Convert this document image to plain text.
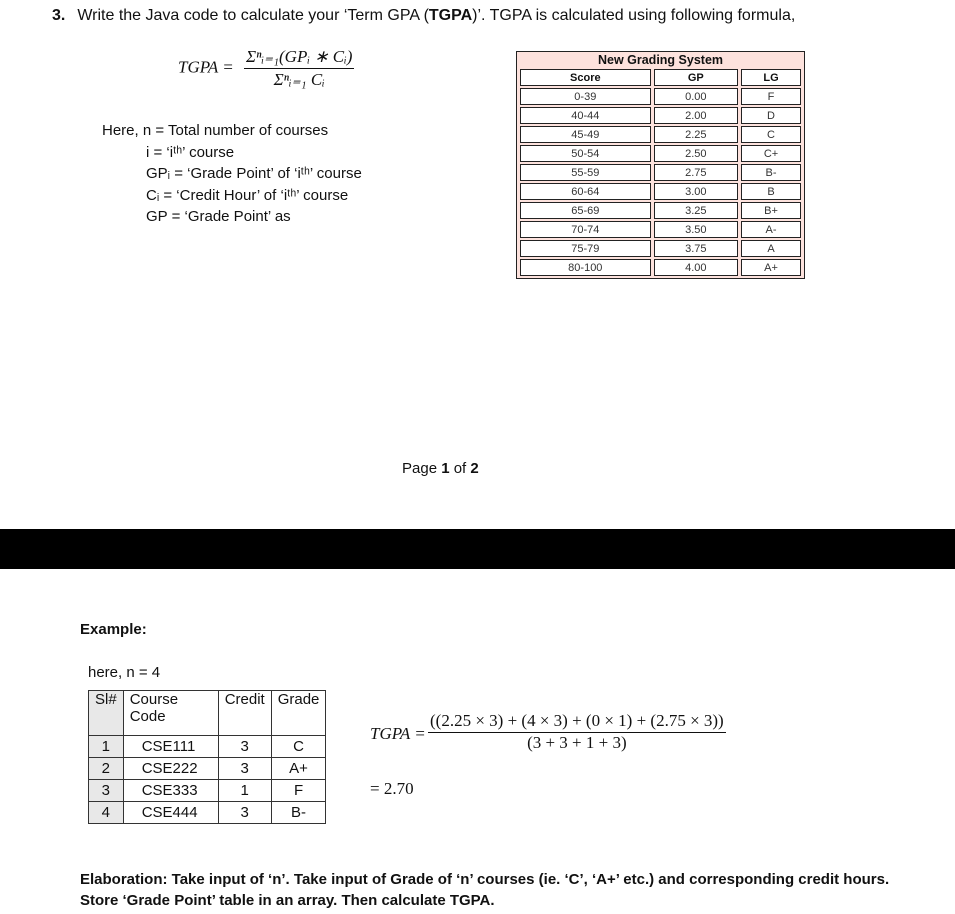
3. Write the Java code to calculate your ‘Term GPA (TGPA)’. TGPA is calculated using following formula,
TGPA = $\frac{\text{Σⁿᵢ₌₁(GPᵢ ∗ Cᵢ)}}{\text{Σⁿᵢ₌₁ Cᵢ}}$
Here, n = Total number of courses
i = ‘iᵗʰ’ course
GPᵢ = ‘Grade Point’ of ‘iᵗʰ’ course
Cᵢ = ‘Credit Hour’ of ‘iᵗʰ’ course
GP = ‘Grade Point’ as
New Grading System
Score	GP	LG
0-39	0.00	F
40-44	2.00	D
45-49	2.25	C
50-54	2.50	C+
55-59	2.75	B-
60-64	3.00	B
65-69	3.25	B+
70-74	3.50	A-
75-79	3.75	A
80-100	4.00	A+
Page 1 of 2
Example:
here, n = 4
Sl#	Course Code	Credit	Grade
1	CSE111	3	C
2	CSE222	3	A+
3	CSE333	1	F
4	CSE444	3	B-
TGPA = $\frac{((2.25 \times 3) + (4 \times 3) + (0 \times 1) + (2.75 \times 3))}{(3 + 3 + 1 + 3)}$
= 2.70
Elaboration: Take input of ‘n’. Take input of Grade of ‘n’ courses (ie. ‘C’, ‘A+’ etc.) and corresponding credit hours. Store ‘Grade Point’ table in an array. Then calculate TGPA.
